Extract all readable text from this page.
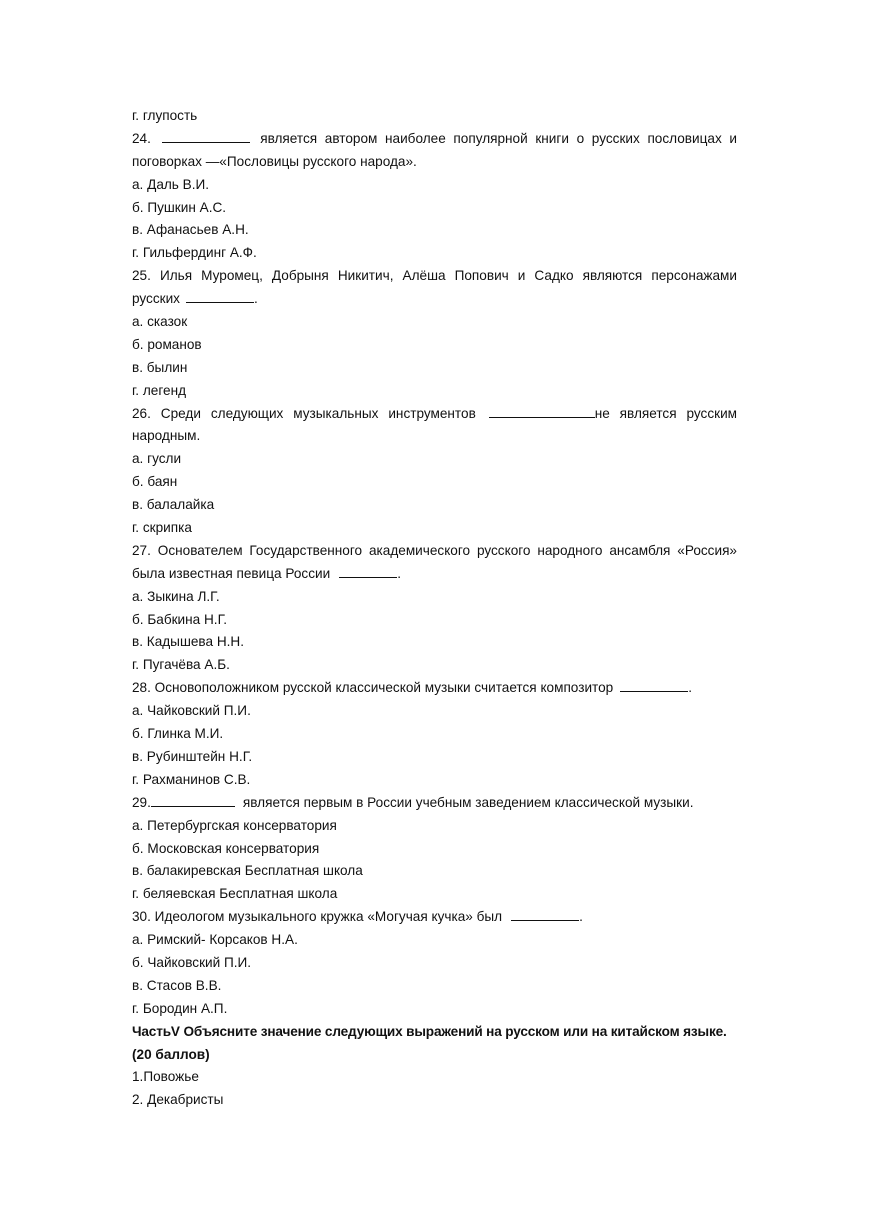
г. глупость
24.	является автором наиболее популярной книги о русских пословицах и
поговорках —«Пословицы русского народа».
а. Даль В.И.
б. Пушкин А.С.
в. Афанасьев А.Н.
г. Гильфердинг А.Ф.
25. Илья Муромец, Добрыня Никитич, Алёша Попович и Садко являются персонажами
русских	.
а. сказок
б. романов
в. былин
г. легенд
26. Среди следующих музыкальных инструментов	не является русским
народным.
а. гусли
б. баян
в. балалайка
г. скрипка
27. Основателем Государственного академического русского народного ансамбля «Россия»
была известная певица России	.
а. Зыкина Л.Г.
б. Бабкина Н.Г.
в. Кадышева Н.Н.
г. Пугачёва А.Б.
28. Основоположником русской классической музыки считается композитор	.
а. Чайковский П.И.
б. Глинка М.И.
в. Рубинштейн Н.Г.
г. Рахманинов С.В.
29.	является первым в России учебным заведением классической музыки.
а. Петербургская консерватория
б. Московская консерватория
в. балакиревская Бесплатная школа
г. беляевская Бесплатная школа
30. Идеологом музыкального кружка «Могучая кучка» был	.
а. Римский- Корсаков Н.А.
б. Чайковский П.И.
в. Стасов В.В.
г. Бородин А.П.
ЧастьV Объясните значение следующих выражений на русском или на китайском языке.
(20 баллов)
1.Повожье
2. Декабристы
